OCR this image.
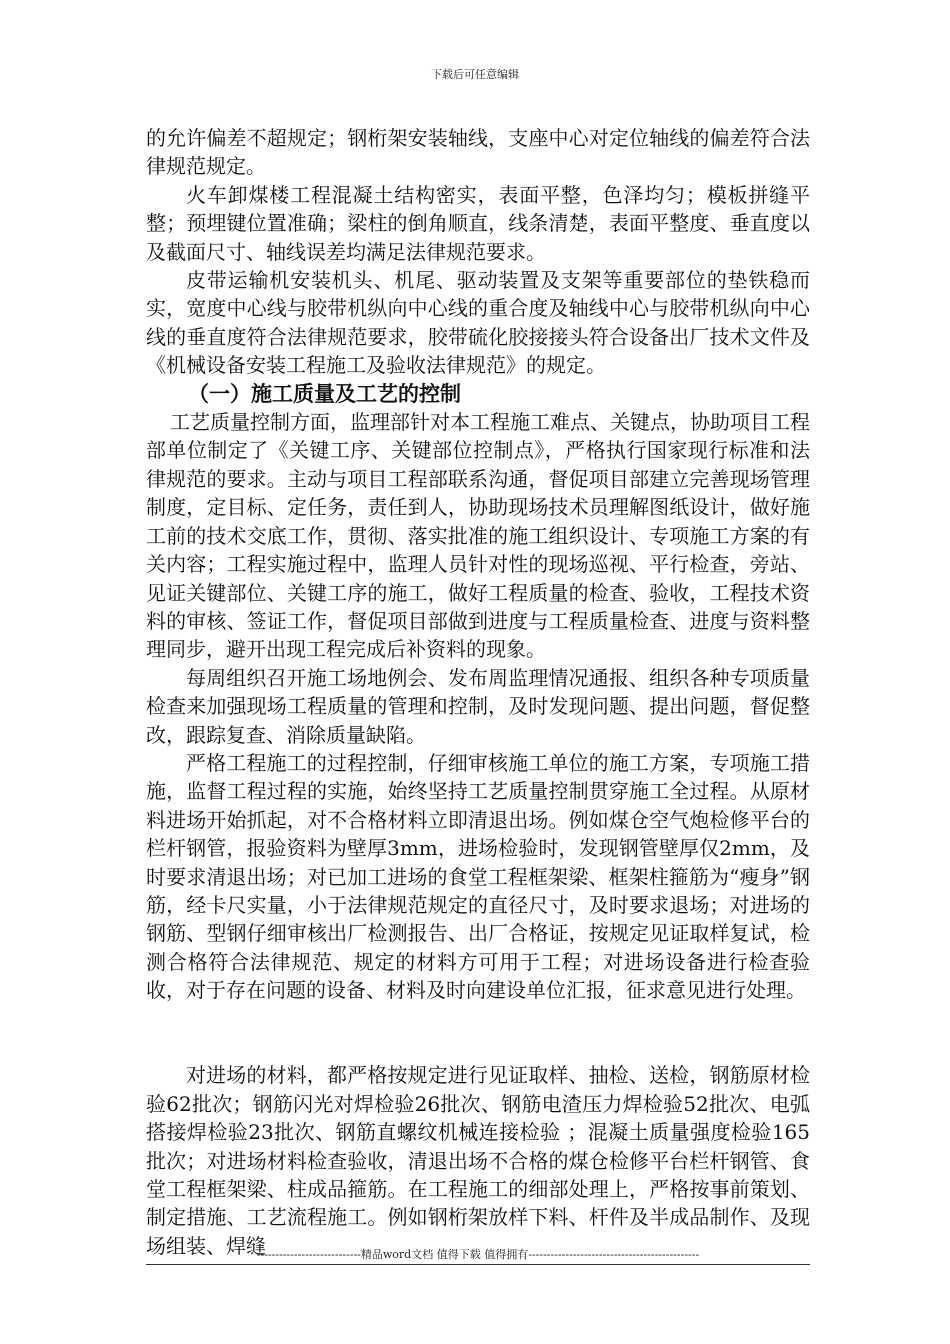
下载后可任意编辑

的允许偏差不超规定；钢桁架安装轴线，支座中心对定位轴线的偏差符合法律规范规定。

火车卸煤楼工程混凝土结构密实，表面平整，色泽均匀；模板拼缝平整；预埋键位置准确；梁柱的倒角顺直，线条清楚，表面平整度、垂直度以及截面尺寸、轴线误差均满足法律规范要求。

皮带运输机安装机头、机尾、驱动装置及支架等重要部位的垫铁稳而实，宽度中心线与胶带机纵向中心线的重合度及轴线中心与胶带机纵向中心线的垂直度符合法律规范要求，胶带硫化胶接接头符合设备出厂技术文件及《机械设备安装工程施工及验收法律规范》的规定。

（一）施工质量及工艺的控制

工艺质量控制方面，监理部针对本工程施工难点、关键点，协助项目工程部单位制定了《关键工序、关键部位控制点》，严格执行国家现行标准和法律规范的要求。主动与项目工程部联系沟通，督促项目部建立完善现场管理制度，定目标、定任务，责任到人，协助现场技术员理解图纸设计，做好施工前的技术交底工作，贯彻、落实批准的施工组织设计、专项施工方案的有关内容；工程实施过程中，监理人员针对性的现场巡视、平行检查，旁站、见证关键部位、关键工序的施工，做好工程质量的检查、验收，工程技术资料的审核、签证工作，督促项目部做到进度与工程质量检查、进度与资料整理同步，避开出现工程完成后补资料的现象。

每周组织召开施工场地例会、发布周监理情况通报、组织各种专项质量检查来加强现场工程质量的管理和控制，及时发现问题、提出问题，督促整改，跟踪复查、消除质量缺陷。

严格工程施工的过程控制，仔细审核施工单位的施工方案，专项施工措施，监督工程过程的实施，始终坚持工艺质量控制贯穿施工全过程。从原材料进场开始抓起，对不合格材料立即清退出场。例如煤仓空气炮检修平台的栏杆钢管，报验资料为壁厚3mm，进场检验时，发现钢管壁厚仅2mm，及时要求清退出场；对已加工进场的食堂工程框架梁、框架柱箍筋为“瘦身”钢筋，经卡尺实量，小于法律规范规定的直径尺寸，及时要求退场；对进场的钢筋、型钢仔细审核出厂检测报告、出厂合格证，按规定见证取样复试，检测合格符合法律规范、规定的材料方可用于工程；对进场设备进行检查验收，对于存在问题的设备、材料及时向建设单位汇报，征求意见进行处理。

对进场的材料，都严格按规定进行见证取样、抽检、送检，钢筋原材检验62批次；钢筋闪光对焊检验26批次、钢筋电渣压力焊检验52批次、电弧搭接焊检验23批次、钢筋直螺纹机械连接检验 ；混凝土质量强度检验165批次；对进场材料检查验收，清退出场不合格的煤仓检修平台栏杆钢管、食堂工程框架梁、柱成品箍筋。在工程施工的细部处理上，严格按事前策划、制定措施、工艺流程施工。例如钢桁架放样下料、杆件及半成品制作、及现场组装、焊缝

----------------------------精品word文档 值得下载 值得拥有----------------------------------------------
